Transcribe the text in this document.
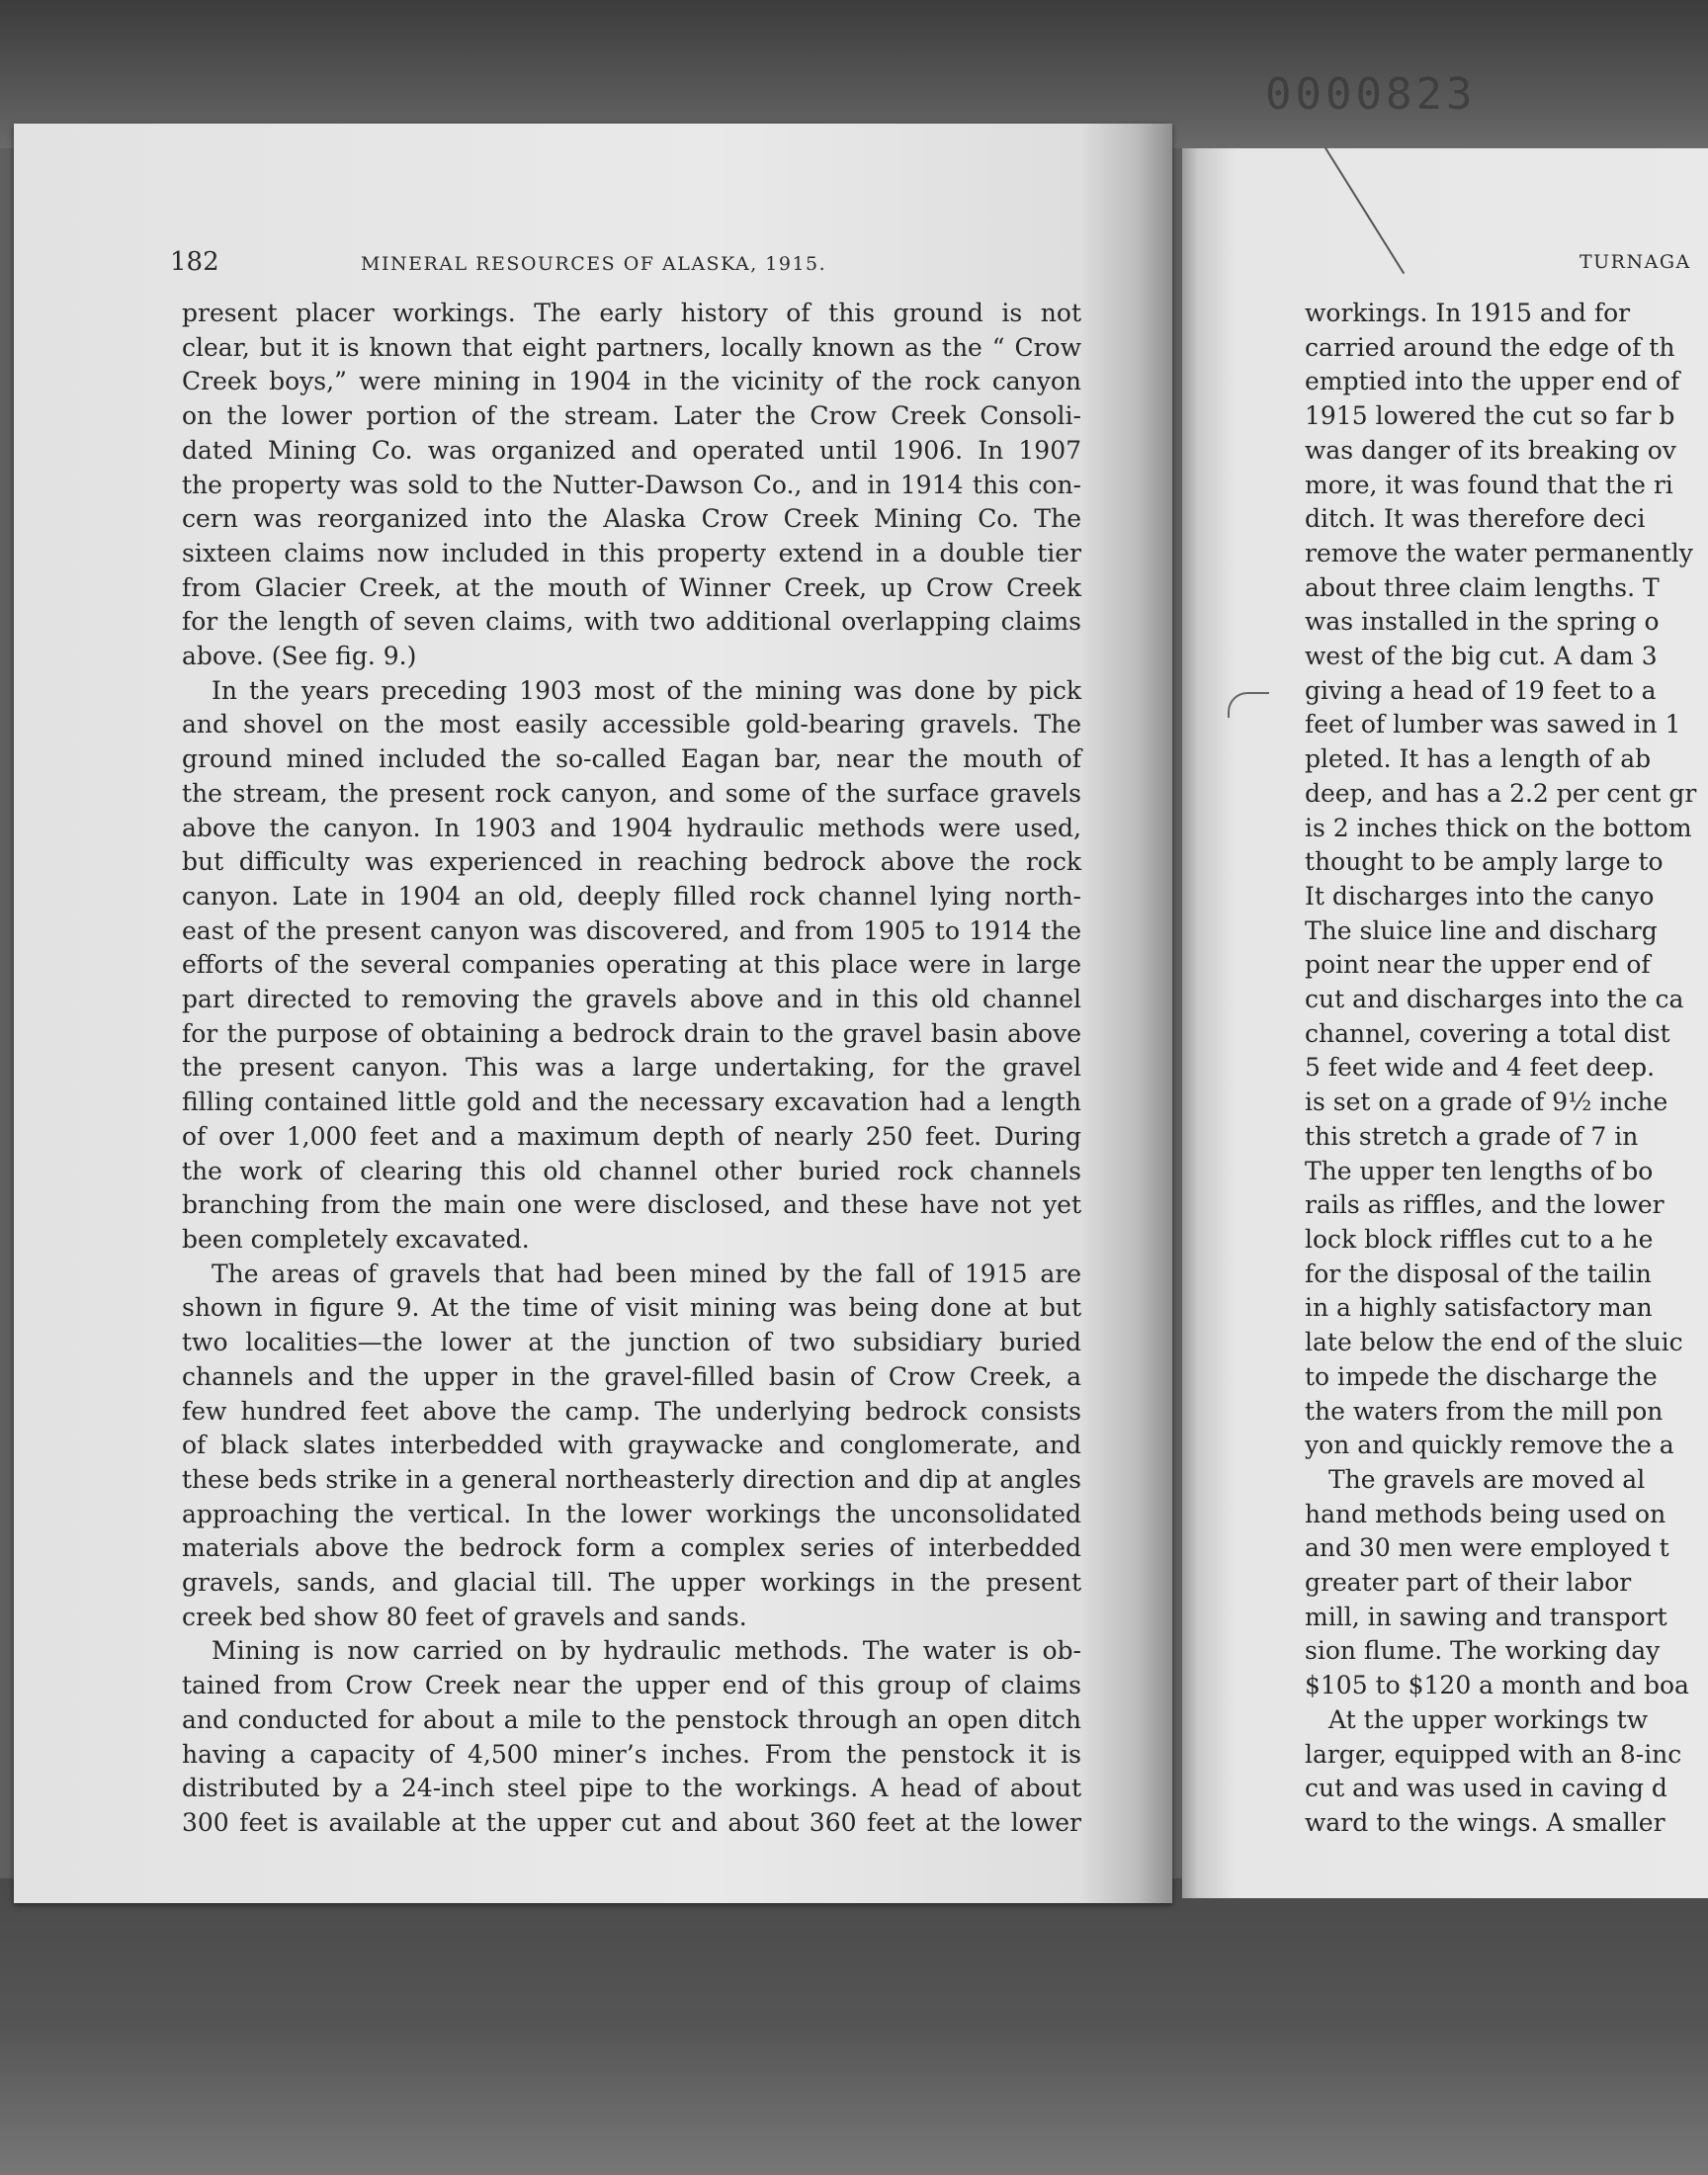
0000823
182	MINERAL RESOURCES OF ALASKA, 1915.
present placer workings. The early history of this ground is not
clear, but it is known that eight partners, locally known as the “ Crow
Creek boys,” were mining in 1904 in the vicinity of the rock canyon
on the lower portion of the stream. Later the Crow Creek Consoli-
dated Mining Co. was organized and operated until 1906. In 1907
the property was sold to the Nutter-Dawson Co., and in 1914 this con-
cern was reorganized into the Alaska Crow Creek Mining Co. The
sixteen claims now included in this property extend in a double tier
from Glacier Creek, at the mouth of Winner Creek, up Crow Creek
for the length of seven claims, with two additional overlapping claims
above. (See fig. 9.)
In the years preceding 1903 most of the mining was done by pick
and shovel on the most easily accessible gold-bearing gravels. The
ground mined included the so-called Eagan bar, near the mouth of
the stream, the present rock canyon, and some of the surface gravels
above the canyon. In 1903 and 1904 hydraulic methods were used,
but difficulty was experienced in reaching bedrock above the rock
canyon. Late in 1904 an old, deeply filled rock channel lying north-
east of the present canyon was discovered, and from 1905 to 1914 the
efforts of the several companies operating at this place were in large
part directed to removing the gravels above and in this old channel
for the purpose of obtaining a bedrock drain to the gravel basin above
the present canyon. This was a large undertaking, for the gravel
filling contained little gold and the necessary excavation had a length
of over 1,000 feet and a maximum depth of nearly 250 feet. During
the work of clearing this old channel other buried rock channels
branching from the main one were disclosed, and these have not yet
been completely excavated.
The areas of gravels that had been mined by the fall of 1915 are
shown in figure 9. At the time of visit mining was being done at but
two localities—the lower at the junction of two subsidiary buried
channels and the upper in the gravel-filled basin of Crow Creek, a
few hundred feet above the camp. The underlying bedrock consists
of black slates interbedded with graywacke and conglomerate, and
these beds strike in a general northeasterly direction and dip at angles
approaching the vertical. In the lower workings the unconsolidated
materials above the bedrock form a complex series of interbedded
gravels, sands, and glacial till. The upper workings in the present
creek bed show 80 feet of gravels and sands.
Mining is now carried on by hydraulic methods. The water is ob-
tained from Crow Creek near the upper end of this group of claims
and conducted for about a mile to the penstock through an open ditch
having a capacity of 4,500 miner’s inches. From the penstock it is
distributed by a 24-inch steel pipe to the workings. A head of about
300 feet is available at the upper cut and about 360 feet at the lower
TURNAGA
workings. In 1915 and for
carried around the edge of th
emptied into the upper end of
1915 lowered the cut so far b
was danger of its breaking ov
more, it was found that the ri
ditch. It was therefore deci
remove the water permanently
about three claim lengths. T
was installed in the spring o
west of the big cut. A dam 3
giving a head of 19 feet to a
feet of lumber was sawed in 1
pleted. It has a length of ab
deep, and has a 2.2 per cent gr
is 2 inches thick on the bottom
thought to be amply large to
It discharges into the canyo
The sluice line and discharg
point near the upper end of
cut and discharges into the ca
channel, covering a total dist
5 feet wide and 4 feet deep.
is set on a grade of 9½ inche
this stretch a grade of 7 in
The upper ten lengths of bo
rails as riffles, and the lower
lock block riffles cut to a he
for the disposal of the tailin
in a highly satisfactory man
late below the end of the sluic
to impede the discharge the
the waters from the mill pon
yon and quickly remove the a
The gravels are moved al
hand methods being used on
and 30 men were employed t
greater part of their labor
mill, in sawing and transport
sion flume. The working day
$105 to $120 a month and boa
At the upper workings tw
larger, equipped with an 8-inc
cut and was used in caving d
ward to the wings. A smaller
